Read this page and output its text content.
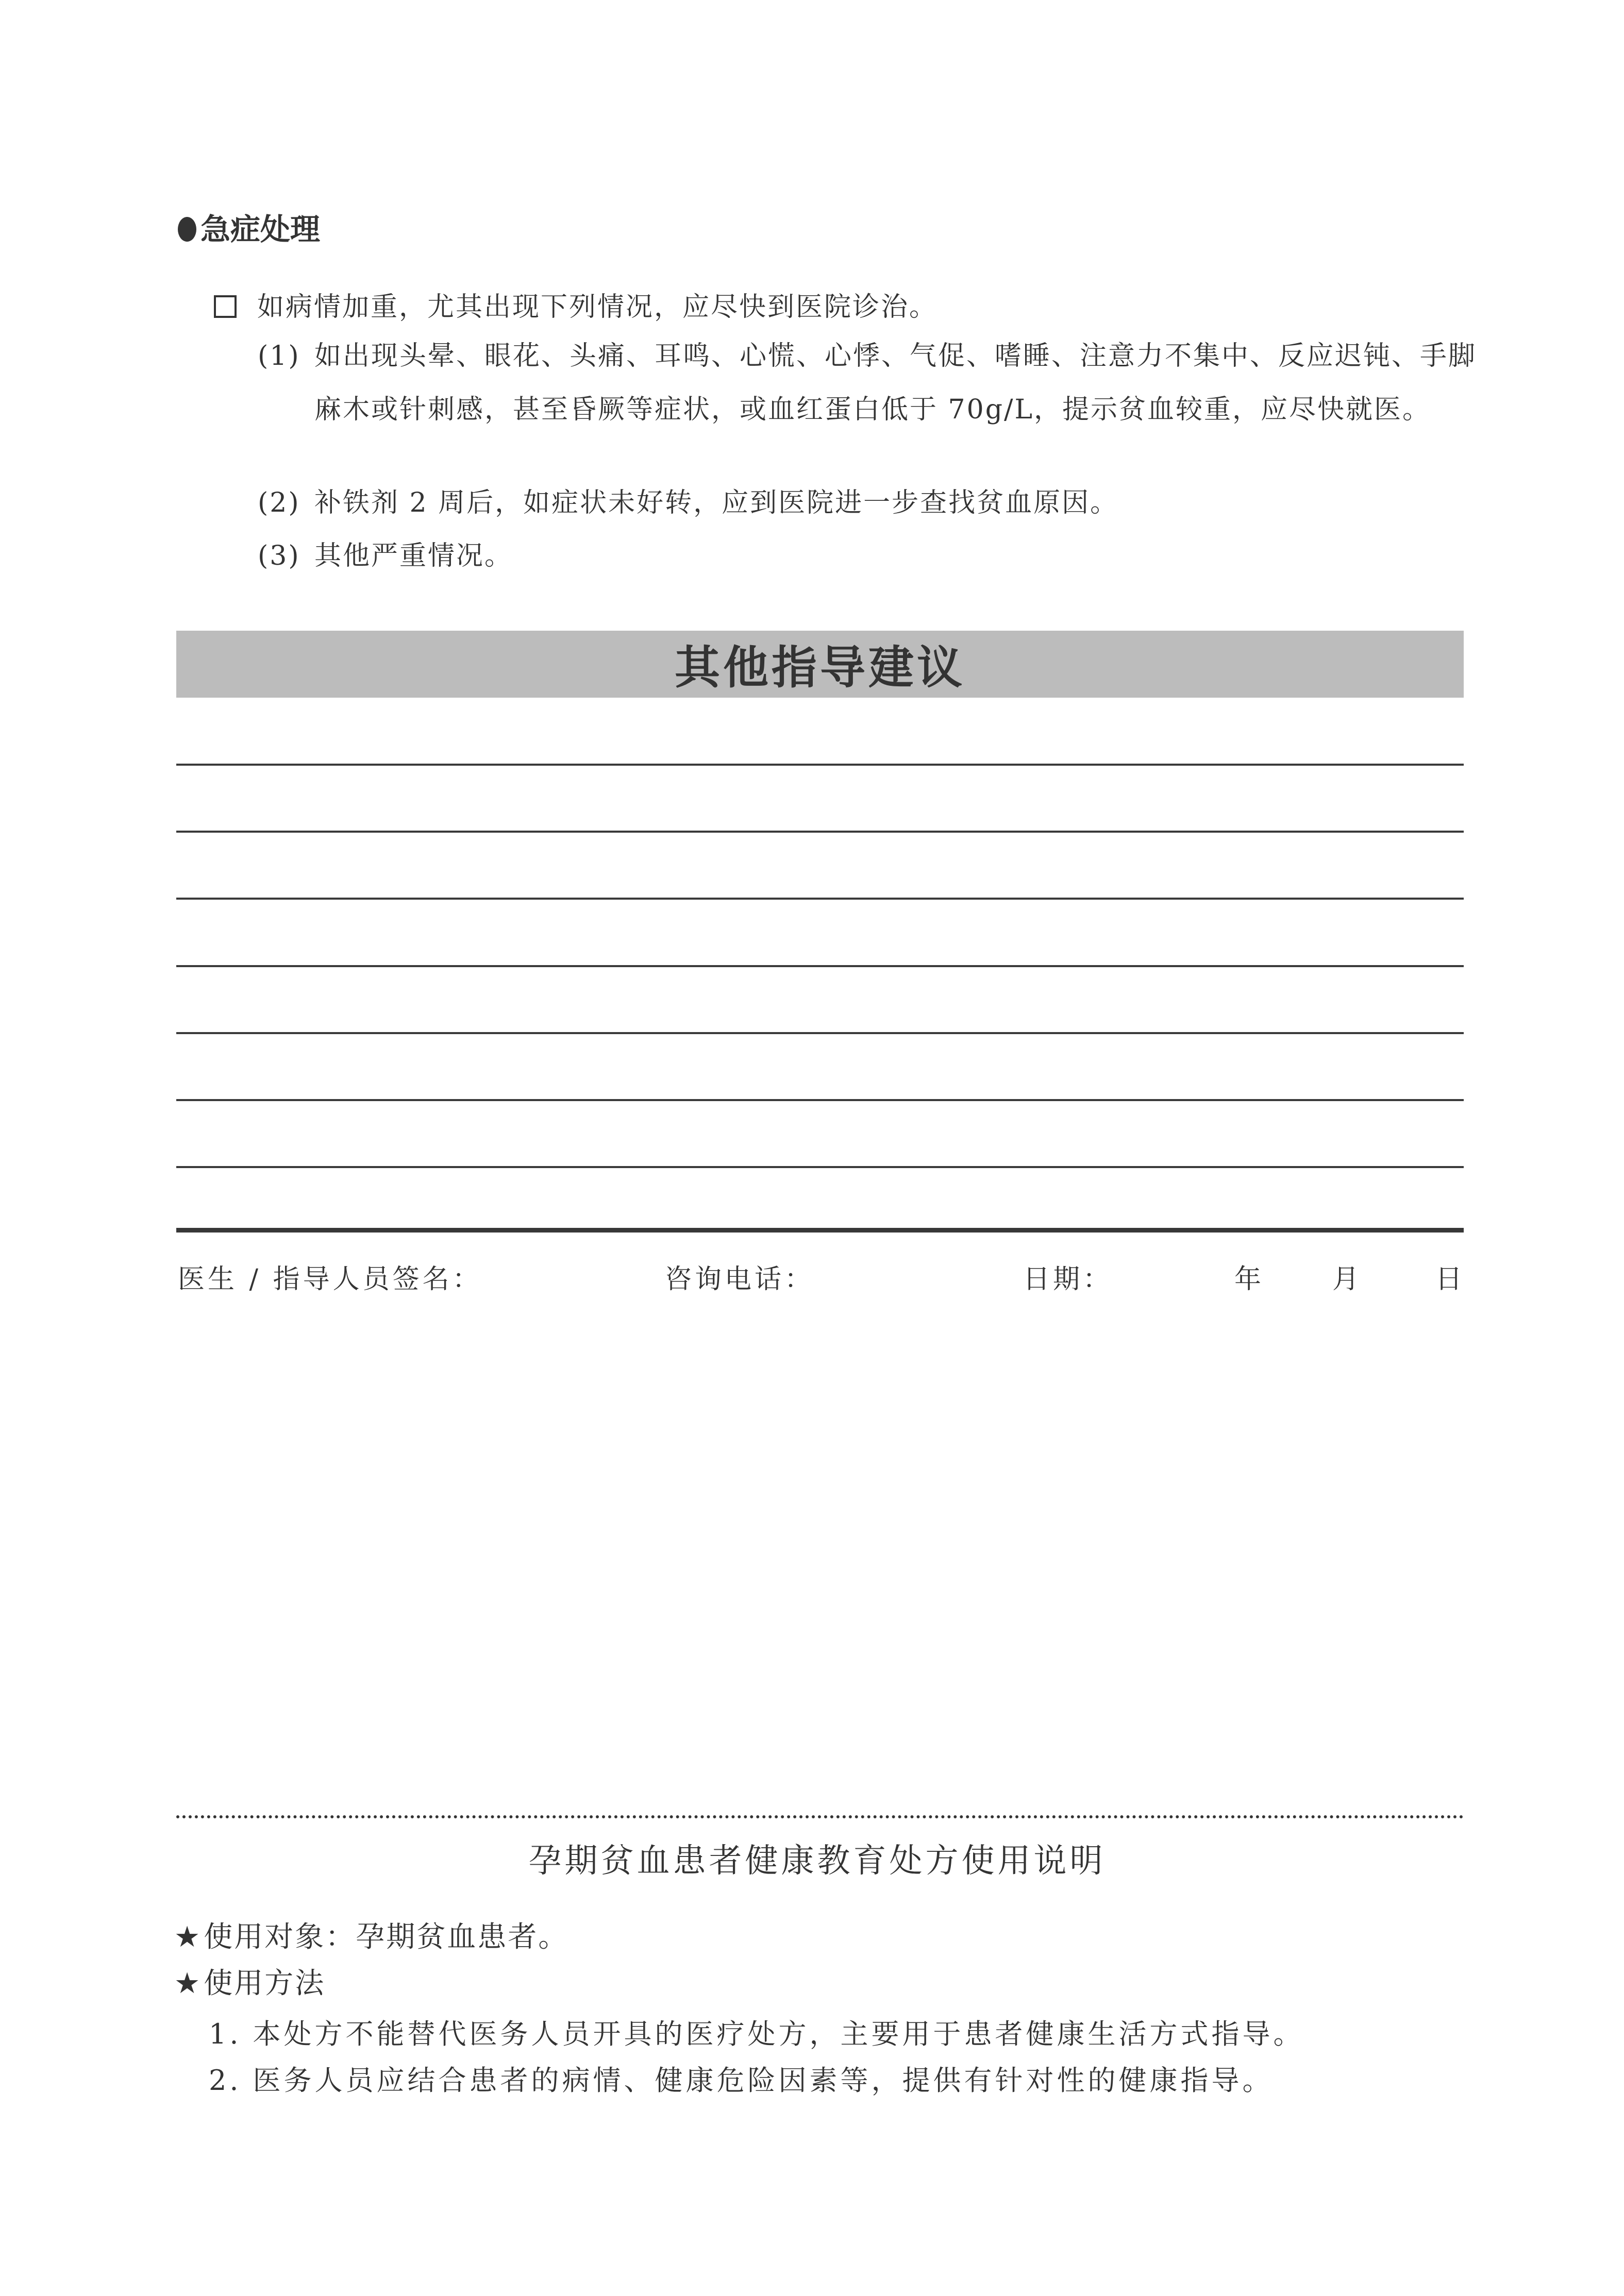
急症处理
如病情加重，尤其出现下列情况，应尽快到医院诊治。
(1) 如出现头晕、眼花、头痛、耳鸣、心慌、心悸、气促、嗜睡、注意力不集中、反应迟钝、手脚麻木或针刺感，甚至昏厥等症状，或血红蛋白低于 70g/L，提示贫血较重，应尽快就医。
(2) 补铁剂 2 周后，如症状未好转，应到医院进一步查找贫血原因。
(3) 其他严重情况。
其他指导建议
医生 / 指导人员签名：	咨询电话：	日期：	年	月	日
孕期贫血患者健康教育处方使用说明
★使用对象：孕期贫血患者。
★使用方法
1. 本处方不能替代医务人员开具的医疗处方，主要用于患者健康生活方式指导。
2. 医务人员应结合患者的病情、健康危险因素等，提供有针对性的健康指导。
